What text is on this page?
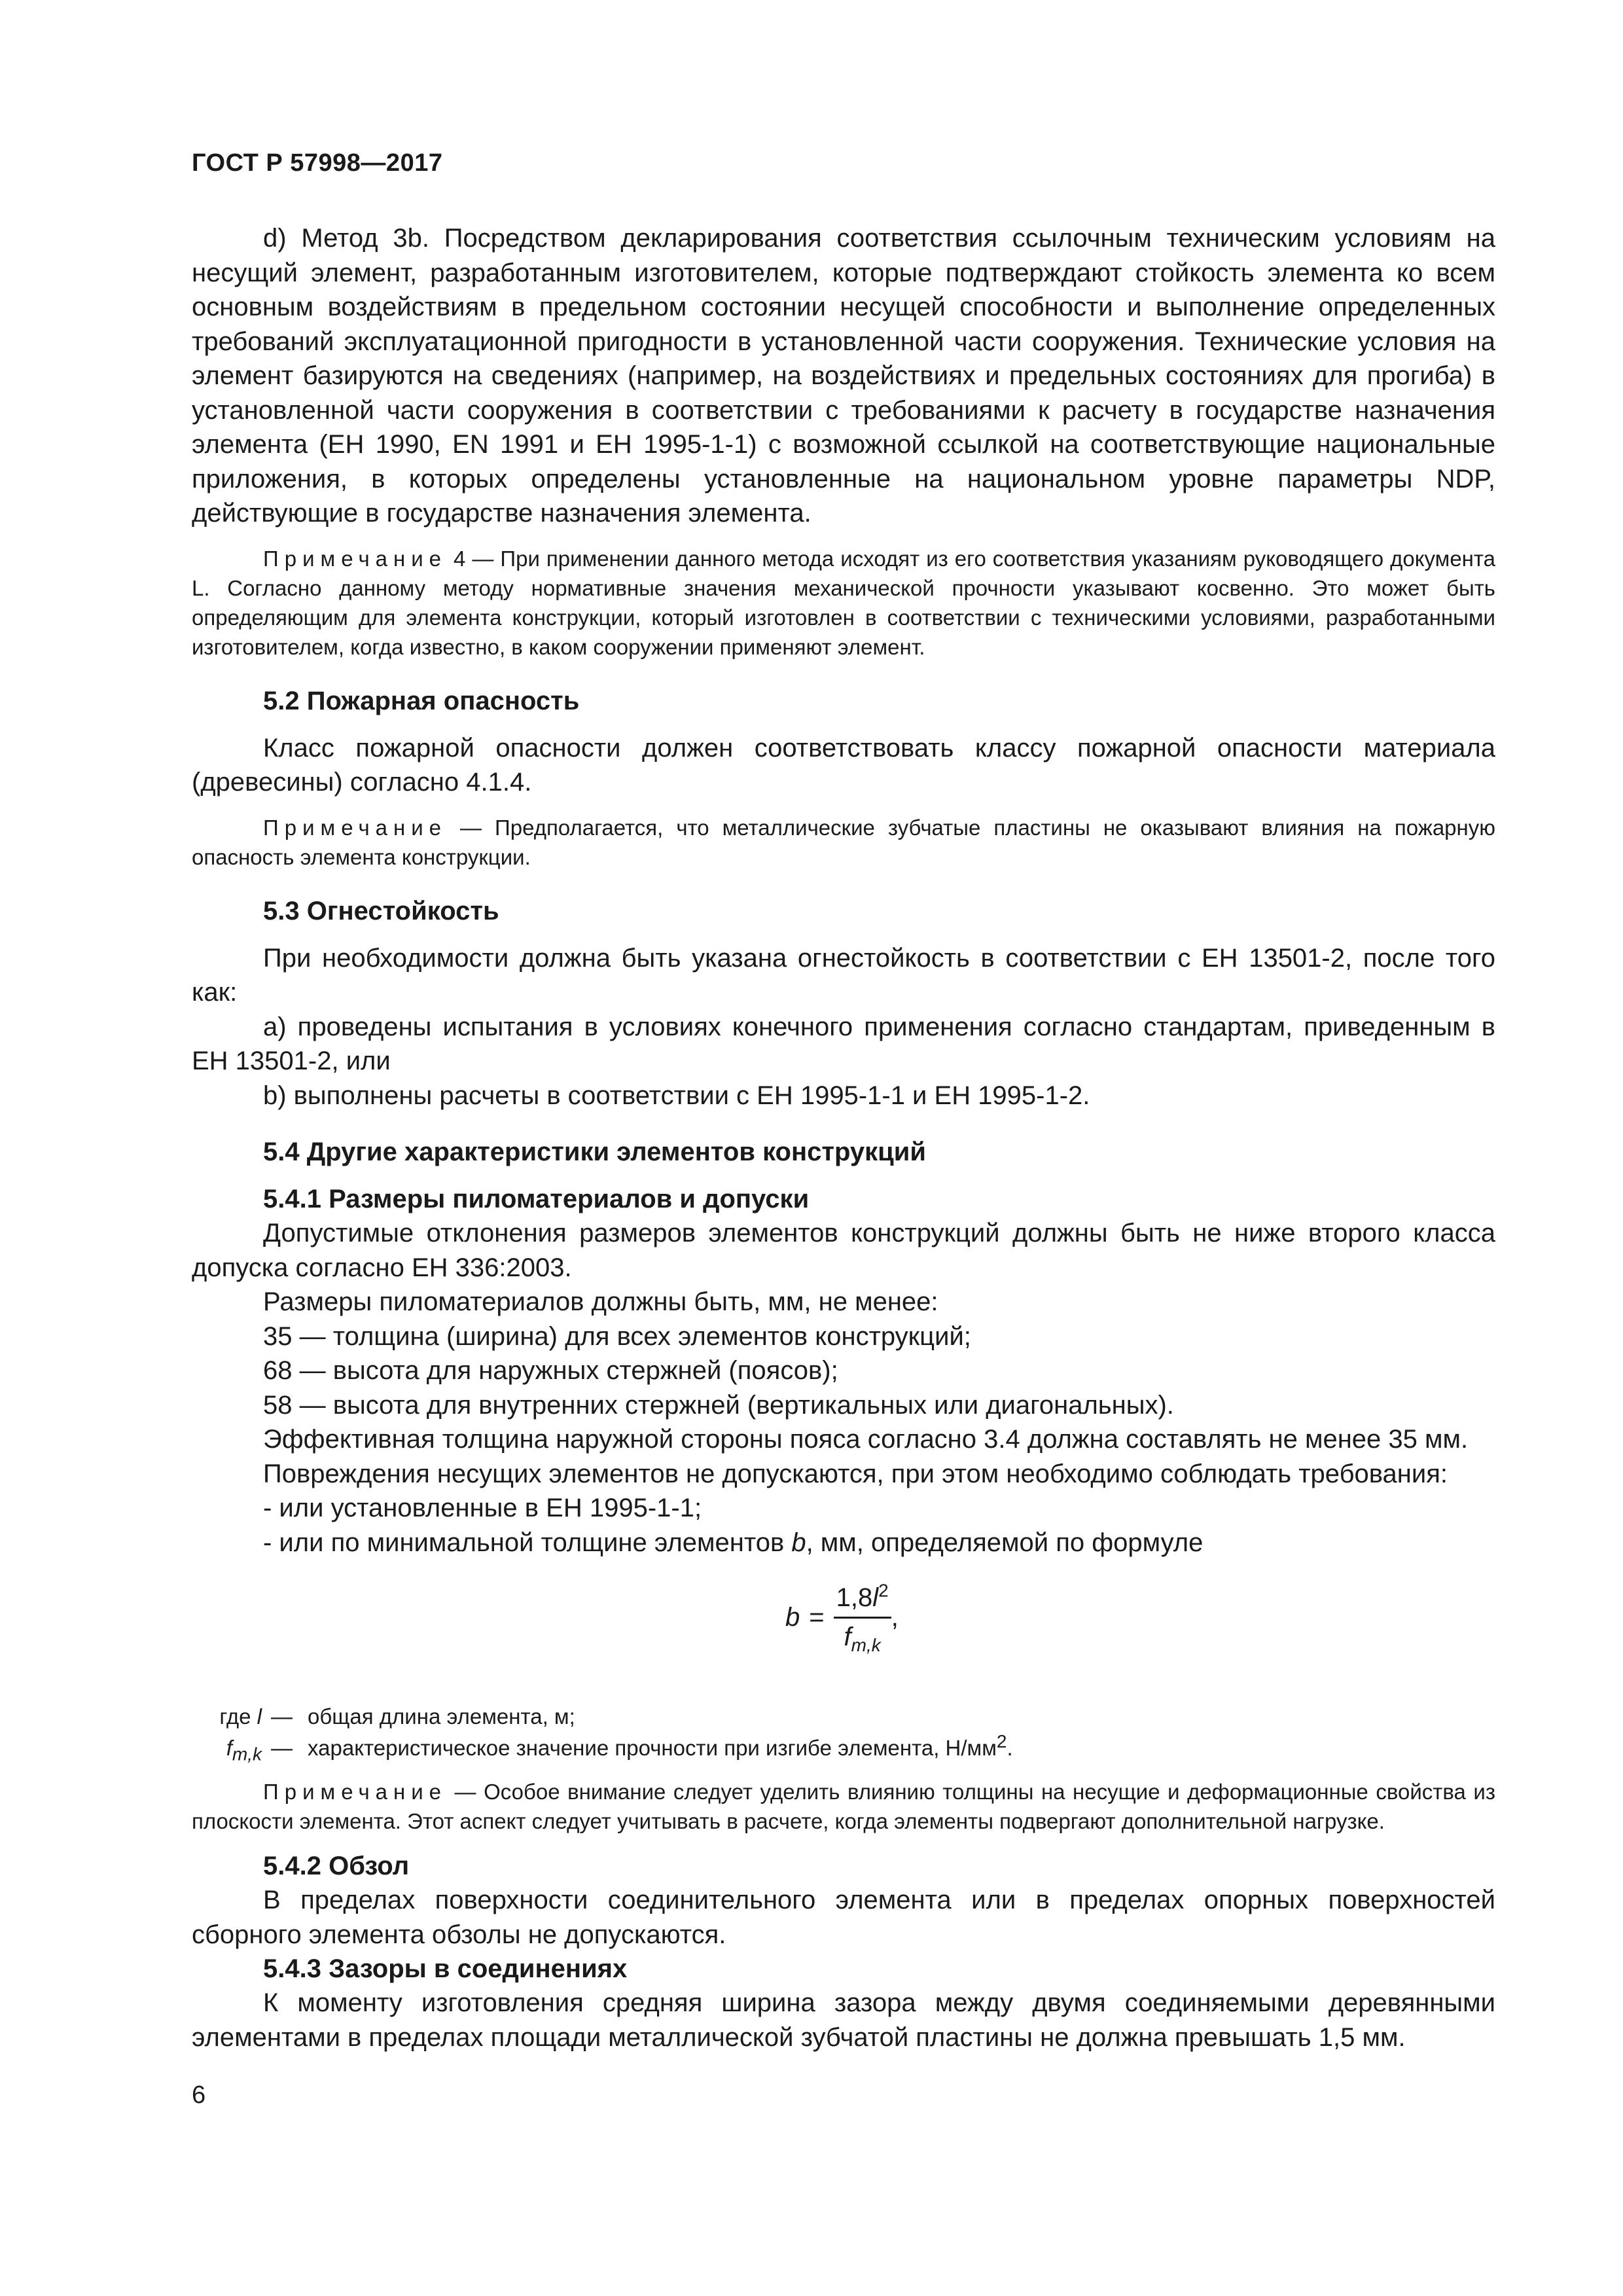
ГОСТ Р 57998—2017

d) Метод 3b. Посредством декларирования соответствия ссылочным техническим условиям на несущий элемент, разработанным изготовителем, которые подтверждают стойкость элемента ко всем основным воздействиям в предельном состоянии несущей способности и выполнение определенных требований эксплуатационной пригодности в установленной части сооружения. Технические условия на элемент базируются на сведениях (например, на воздействиях и предельных состояниях для прогиба) в установленной части сооружения в соответствии с требованиями к расчету в государстве назначения элемента (ЕН 1990, EN 1991 и ЕН 1995-1-1) с возможной ссылкой на соответствующие национальные приложения, в которых определены установленные на национальном уровне параметры NDP, действующие в государстве назначения элемента.

Примечание 4 — При применении данного метода исходят из его соответствия указаниям руководящего документа L. Согласно данному методу нормативные значения механической прочности указывают косвенно. Это может быть определяющим для элемента конструкции, который изготовлен в соответствии с техническими условиями, разработанными изготовителем, когда известно, в каком сооружении применяют элемент.

5.2 Пожарная опасность

Класс пожарной опасности должен соответствовать классу пожарной опасности материала (древесины) согласно 4.1.4.

Примечание — Предполагается, что металлические зубчатые пластины не оказывают влияния на пожарную опасность элемента конструкции.

5.3 Огнестойкость

При необходимости должна быть указана огнестойкость в соответствии с ЕН 13501-2, после того как:

а) проведены испытания в условиях конечного применения согласно стандартам, приведенным в ЕН 13501-2, или

b) выполнены расчеты в соответствии с ЕН 1995-1-1 и ЕН 1995-1-2.

5.4 Другие характеристики элементов конструкций

5.4.1 Размеры пиломатериалов и допуски

Допустимые отклонения размеров элементов конструкций должны быть не ниже второго класса допуска согласно ЕН 336:2003.

Размеры пиломатериалов должны быть, мм, не менее:

35 — толщина (ширина) для всех элементов конструкций;

68 — высота для наружных стержней (поясов);

58 — высота для внутренних стержней (вертикальных или диагональных).

Эффективная толщина наружной стороны пояса согласно 3.4 должна составлять не менее 35 мм.

Повреждения несущих элементов не допускаются, при этом необходимо соблюдать требования:

- или установленные в ЕН 1995-1-1;

- или по минимальной толщине элементов b, мм, определяемой по формуле

$b = \frac{1,8l^2}{f_{m,k}}$ ,
где l — общая длина элемента, м;
$f_{m,k}$ — характеристическое значение прочности при изгибе элемента, $Н/мм^2$.

Примечание — Особое внимание следует уделить влиянию толщины на несущие и деформационные свойства из плоскости элемента. Этот аспект следует учитывать в расчете, когда элементы подвергают дополнительной нагрузке.

5.4.2 Обзол

В пределах поверхности соединительного элемента или в пределах опорных поверхностей сборного элемента обзолы не допускаются.

5.4.3 Зазоры в соединениях

К моменту изготовления средняя ширина зазора между двумя соединяемыми деревянными элементами в пределах площади металлической зубчатой пластины не должна превышать 1,5 мм.

6
